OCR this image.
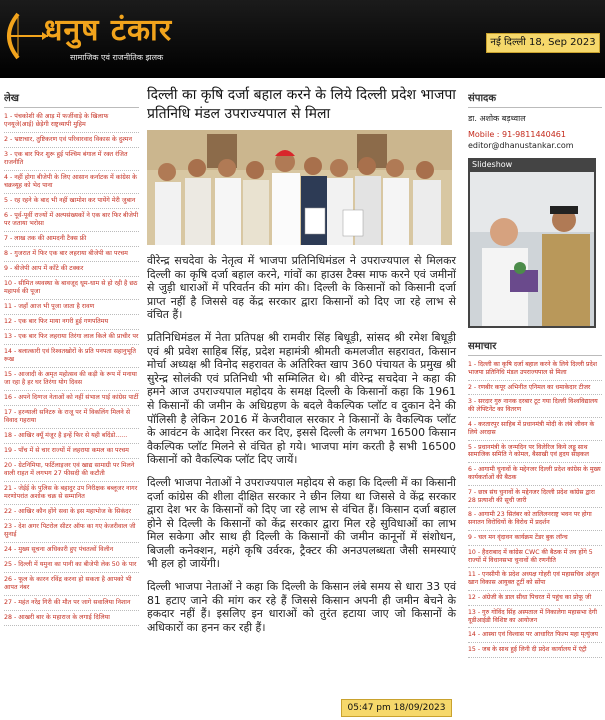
धनुष टंकार
सामाजिक एवं राजनीतिक झलक
नई दिल्ली 18, Sep 2023
लेख
1 - पंचकोशी की आड़ में फर्जीवाड़े के खिलाफ एनयूजे(आई) छेड़ेगी राष्ट्रव्यापी मुहिम
2 - भ्रष्टाचार, तुष्टिकरण एवं परिवारवाद विकास के दुश्मन
3 - एक बार फिर शुरू हुई पश्चिम बंगाल में रक्त रंजित राजनीति
4 - नहीं होगा बीजेपी के लिए आसान कर्नाटक में कांग्रेस के चक्रव्यूह को भेद पाना
5 - रह रहने के बाद भी नहीं खामोश कर पायेंगे मेरी जुबान
6 - पूर्व-पूर्वी राज्यों में अल्पसंख्यकों ने एक बार फिर बीजेपी पर जताया भरोसा
7 - लाख तक की आमदनी टैक्स फ्री
8 - गुजरात में फिर एक बार लहराया बीजेपी का परचम
9 - बीजेपी आप में काँटे की टक्कर
10 - सीमित व्यवस्था के बावजूद धूम-धाम से हो रही है छठ महापर्व की पूजा
11 - जहाँ आज भी पूजा जाता है रावण
12 - एक बार फिर माया नगरी हुई गणपतिमय
13 - एक बार फिर लहराया तिरंगा लाल किले की प्राचीर पर
14 - बलात्कारी एवं रिश्वतखोरों के प्रति पनपता सहानुभूति रूख
15 - आजादी के अमृत महोत्सव की कड़ी के रूप में मनाया जा रहा है हर घर तिरंगा योग दिवस
16 - अपने दिग्गज नेताओं को नहीं संभाल पाई कांग्रेस पार्टी
17 - हरन्याली सनिटरु के राजू पर में विकलिंग मिलने से विवाद गहराया
18 - आखिर क्यूँ मंजूर है इन्हें फिर से यही बदिंडो......
19 - पाँच में से चार राज्यों में लहराया कमल का परचम
20 - ग्रेटनिमिया, फर्टिलाइजर एवं खाद्य सामाग्री पर मिलने वाली राहत में लगभग 27 फीसदी की कटौती
21 - जेईई के पुलिस के बहादुर उप निरीक्षक बब्लूजर नागर मरणोपरांत अशोक चक्र से सम्मानित
22 - आखिर कौन होंगे सवा के इस महाभोज के सिकंदर
23 - देश अगर पिटरोल सीटर ऑफ का गए केजरीवाल जी सुनाई
24 - मुख्य सूचना अधिकारी हुए पंचतत्वों विलीन
25 - दिल्ली में यमुना का पानी का बीजेपी लेक 50 के पार
26 - फूल के कारन रविंद्र करना हो सकता है आपको भी आपत नंबर
27 - महंत नरेंद्र गिरी की मौत पर जागे सवालिया निशान
28 - आखरी बार के महाराज के लगाई दिलिया
दिल्ली का कृषि दर्जा बहाल करने के लिये दिल्ली प्रदेश भाजपा प्रतिनिधि मंडल उपराज्यपाल से मिला

वीरेन्द्र सचदेवा के नेतृत्व में भाजपा प्रतिनिधिमंडल ने उपराज्यपाल से मिलकर दिल्ली का कृषि दर्जा बहाल करने, गांवों का हाउस टैक्स माफ करने एवं जमीनों से जुड़ी धाराओं में परिवर्तन की मांग की। दिल्ली के किसानों को किसानी दर्जा प्राप्त नहीं है जिससे वह केंद्र सरकार द्वारा किसानों को दिए जा रहे लाभ से वंचित हैं।

प्रतिनिधिमंडल में नेता प्रतिपक्ष श्री रामवीर सिंह बिधूड़ी, सांसद श्री रमेश बिधूड़ी एवं श्री प्रवेश साहिब सिंह, प्रदेश महामंत्री श्रीमती कमलजीत सहरावत, किसान मोर्चा अध्यक्ष श्री विनोद सहरावत के अतिरिक्त खाप 360 पंचायत के प्रमुख श्री सुरेन्द्र सोलंकी एवं प्रतिनिधी भी सम्मिलित थे। श्री वीरेन्द्र सचदेवा ने कहा की हमने आज उपराज्यपाल महोदय के समक्ष दिल्ली के किसानों कहा कि 1961 से किसानों की जमीन के अधिग्रहण के बदले वैकल्पिक प्लॉट व दुकान देने की पॉलिसी है लेकिन 2016 में केजरीवाल सरकार ने किसानों के वैकल्पिक प्लॉट के आवंटन के आदेश निरस्त कर दिए, इससे दिल्ली के लगभग 16500 किसान वैकल्पिक प्लॉट मिलने से वंचित हो गये। भाजपा मांग करती है सभी 16500 किसानों को वैकल्पिक प्लॉट दिए जायें।

दिल्ली भाजपा नेताओं ने उपराज्यपाल महोदय से कहा कि दिल्ली में का किसानी दर्जा कांग्रेस की शीला दीक्षित सरकार ने छीन लिया था जिससे वे केंद्र सरकार द्वारा देश भर के किसानों को दिए जा रहे लाभ से वंचित हैं। किसान दर्जा बहाल होने से दिल्ली के किसानों को केंद्र सरकार द्वारा मिल रहे सुविधाओं का लाभ मिल सकेगा और साथ ही दिल्ली के किसानों की जमीन कानूनों में संशोधन, बिजली कनेक्शन, महंगे कृषि उर्वरक, ट्रैक्टर की अनउपलब्धता जैसी समस्याएं भी हल हो जायेंगी।

दिल्ली भाजपा नेताओं ने कहा कि दिल्ली के किसान लंबे समय से धारा 33 एवं 81 हटाए जाने की मांग कर रहे हैं जिससे किसान अपनी ही जमीन बेचने के हकदार नहीं हैं। इसलिए इन धाराओं को तुरंत हटाया जाए जो किसानों के अधिकारों का हनन कर रही हैं।

05:47 pm 18/09/2023
संपादक
डा. अशोक बड़थ्वाल
Mobile : 91-9811440461
editor@dhanustankar.com
Slideshow
समाचार
1 - दिल्ली का कृषि दर्जा बहाल करने के लिये दिल्ली प्रदेश भाजपा प्रतिनिधि मंडल उपराज्यपाल से मिला
2 - रणबीर कपूर अभिनीत एनिमल का धमाकेदार टीजर
3 - सरदार गुरु नानक दरबार टूट गया दिल्ली विश्वविद्यालय की लेफ्टिनेंट का वितरण
4 - करतारपुर साहिब में प्रधानमंत्री मोदी के लंबे जीवन के लिये अरदास
5 - प्रधानमंत्री के जन्मदिन पर विलेरिज किये लड्डू साथ सामाजिक समिति ने कोमल, बैसाखी एवं हृदय साइकल
6 - आगामी चुनावों के मद्देनजर दिल्ली प्रदेश कांग्रेस के मुख्य कार्यकर्ताओं की बैठक
7 - छात्र संघ चुनावों के मद्देनजर दिल्ली प्रदेश कांग्रेस द्वारा 28 प्रत्याशी की सूची जारी
8 - आगामी 23 सितंबर को तालिलनराष्ट्र भवन पर होगा सनातन विरोधियों के विरोध में प्रदर्शन
9 - चल मन वृंदावन कार्यक्रम टेंडर बुक लॉन्च
10 - हैदराबाद में कांग्रेस CWC की बैठक में तय होंगे 5 राज्यों में विधानसभा चुनावों की रणनीति
11 - एनसीपी के प्रदेश अध्यक्ष गोहरी एवं महासचिव अंजुल खान विकास आयुक्त टूटीं को सोंपा
12 - अंग्रेजी के डाल सीधा पिचरत में पहुंच का प्रोफू जी
13 - गुरु गोविंद सिंह अस्पताल में निकालेगा महासभा देगी यूडीआईडी विशिष्ट का आयोजन
14 - आस्था एवं विश्वास पर आधारित फिल्म महा मृत्युंजय
15 - जब के साथ हुई लिनी दी प्रदेश कार्यालय में एंट्री
